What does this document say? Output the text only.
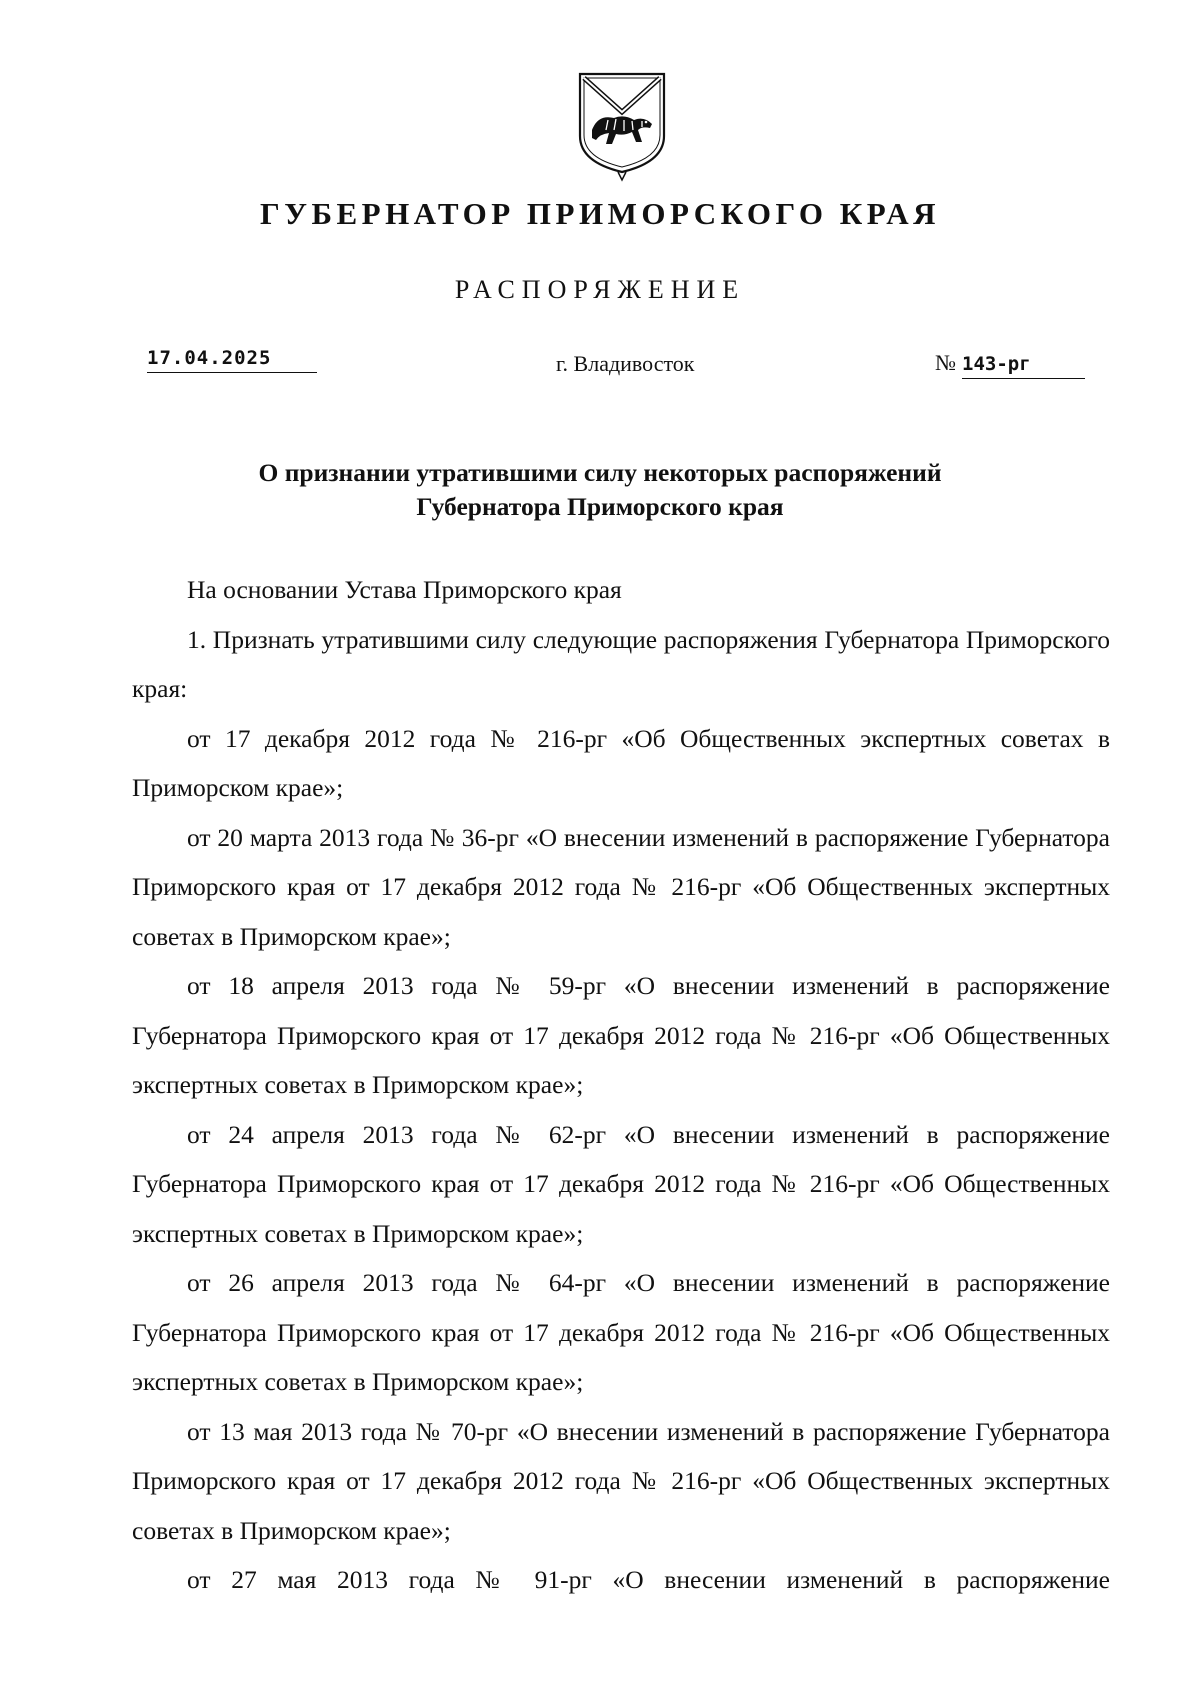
ГУБЕРНАТОР ПРИМОРСКОГО КРАЯ
РАСПОРЯЖЕНИЕ
17.04.2025	г. Владивосток	№ 143-рг
О признании утратившими силу некоторых распоряжений
Губернатора Приморского края

На основании Устава Приморского края

1. Признать утратившими силу следующие распоряжения Губернатора Приморского края:

от 17 декабря 2012 года № 216-рг «Об Общественных экспертных советах в Приморском крае»;

от 20 марта 2013 года № 36-рг «О внесении изменений в распоряжение Губернатора Приморского края от 17 декабря 2012 года № 216-рг «Об Общественных экспертных советах в Приморском крае»;

от 18 апреля 2013 года № 59-рг «О внесении изменений в распоряжение Губернатора Приморского края от 17 декабря 2012 года № 216-рг «Об Общественных экспертных советах в Приморском крае»;

от 24 апреля 2013 года № 62-рг «О внесении изменений в распоряжение Губернатора Приморского края от 17 декабря 2012 года № 216-рг «Об Общественных экспертных советах в Приморском крае»;

от 26 апреля 2013 года № 64-рг «О внесении изменений в распоряжение Губернатора Приморского края от 17 декабря 2012 года № 216-рг «Об Общественных экспертных советах в Приморском крае»;

от 13 мая 2013 года № 70-рг «О внесении изменений в распоряжение Губернатора Приморского края от 17 декабря 2012 года № 216-рг «Об Общественных экспертных советах в Приморском крае»;

от 27 мая 2013 года № 91-рг «О внесении изменений в распоряжение
